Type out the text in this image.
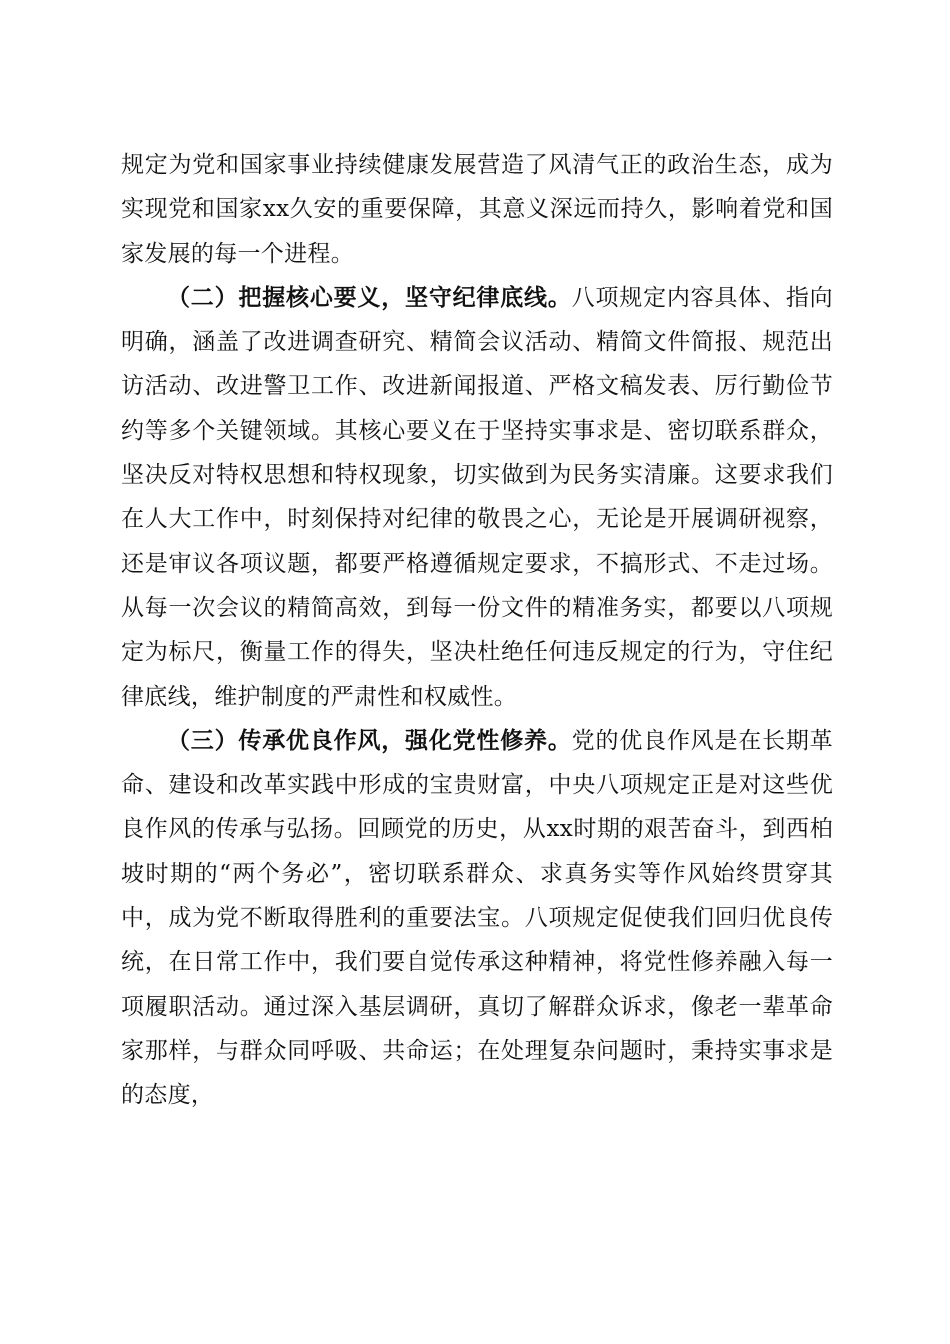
规定为党和国家事业持续健康发展营造了风清气正的政治生态，成为实现党和国家xx久安的重要保障，其意义深远而持久，影响着党和国家发展的每一个进程。

（二）把握核心要义，坚守纪律底线。八项规定内容具体、指向明确，涵盖了改进调查研究、精简会议活动、精简文件简报、规范出访活动、改进警卫工作、改进新闻报道、严格文稿发表、厉行勤俭节约等多个关键领域。其核心要义在于坚持实事求是、密切联系群众，坚决反对特权思想和特权现象，切实做到为民务实清廉。这要求我们在人大工作中，时刻保持对纪律的敬畏之心，无论是开展调研视察，还是审议各项议题，都要严格遵循规定要求，不搞形式、不走过场。从每一次会议的精简高效，到每一份文件的精准务实，都要以八项规定为标尺，衡量工作的得失，坚决杜绝任何违反规定的行为，守住纪律底线，维护制度的严肃性和权威性。

（三）传承优良作风，强化党性修养。党的优良作风是在长期革命、建设和改革实践中形成的宝贵财富，中央八项规定正是对这些优良作风的传承与弘扬。回顾党的历史，从xx时期的艰苦奋斗，到西柏坡时期的“两个务必”，密切联系群众、求真务实等作风始终贯穿其中，成为党不断取得胜利的重要法宝。八项规定促使我们回归优良传统，在日常工作中，我们要自觉传承这种精神，将党性修养融入每一项履职活动。通过深入基层调研，真切了解群众诉求，像老一辈革命家那样，与群众同呼吸、共命运；在处理复杂问题时，秉持实事求是的态度，
